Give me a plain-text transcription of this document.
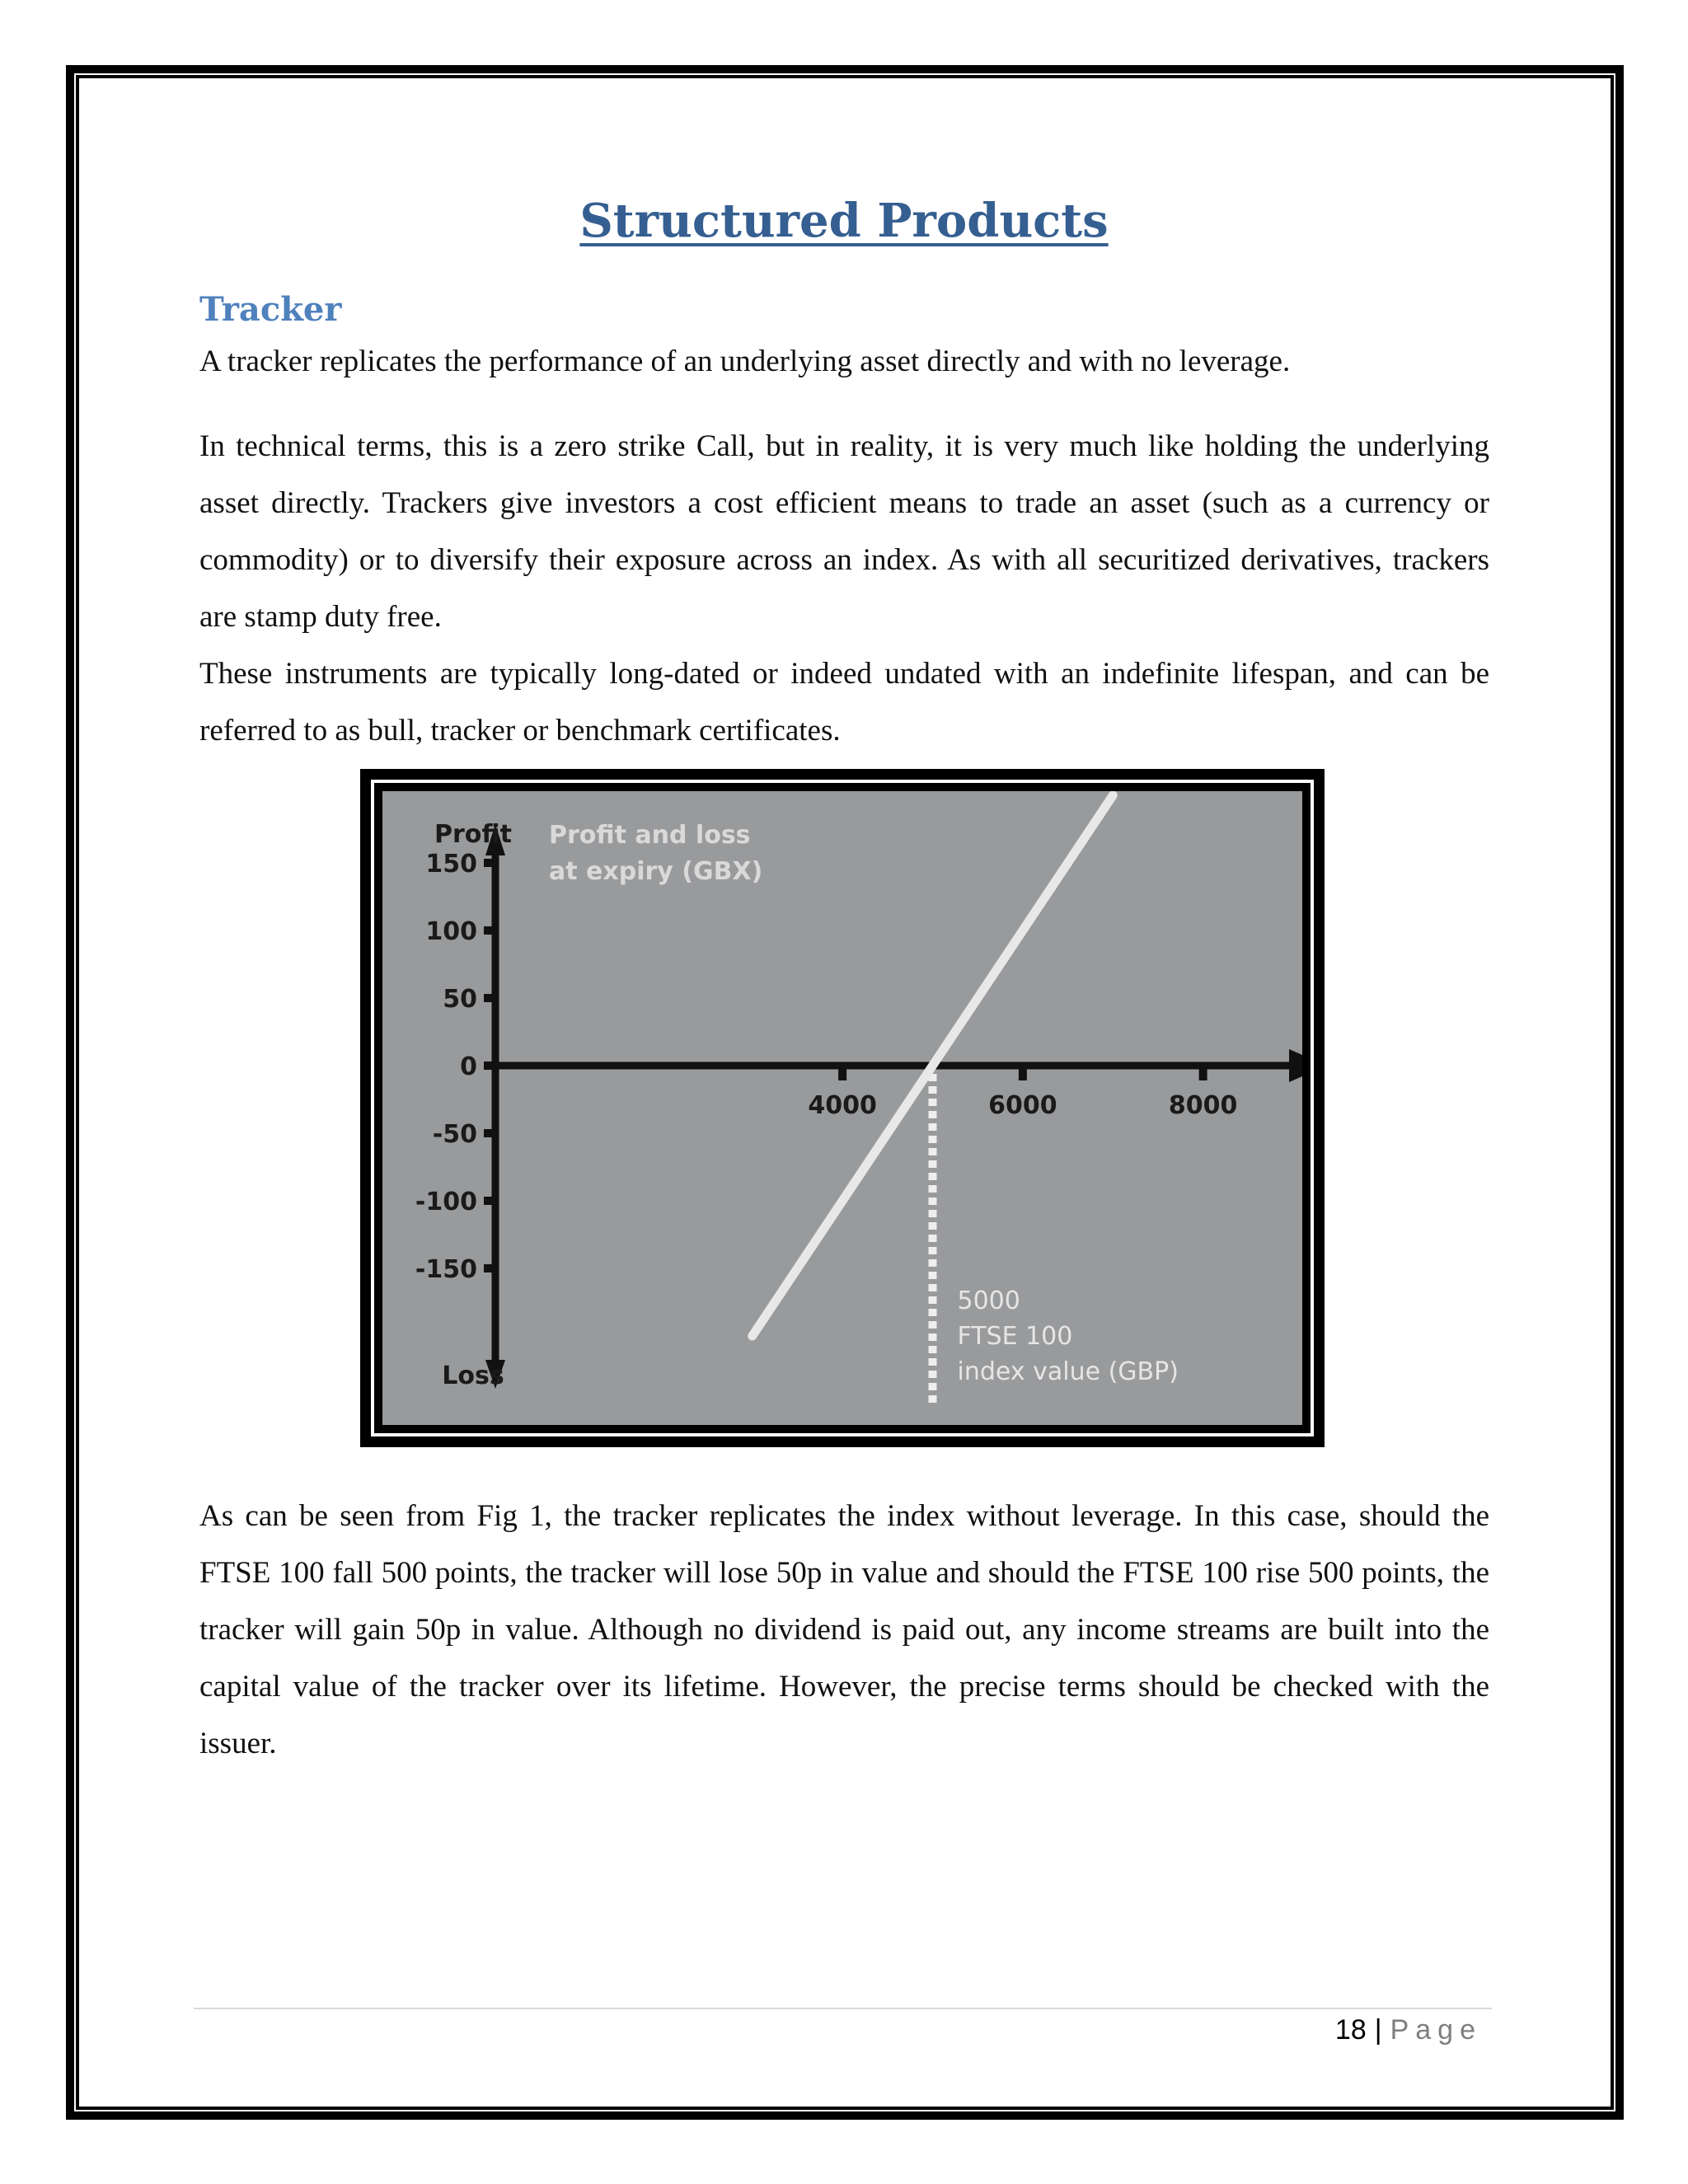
Structured Products
Tracker

A tracker replicates the performance of an underlying asset directly and with no leverage.

In technical terms, this is a zero strike Call, but in reality, it is very much like holding the underlying asset directly. Trackers give investors a cost efficient means to trade an asset (such as a currency or commodity) or to diversify their exposure across an index. As with all securitized derivatives, trackers are stamp duty free.

These instruments are typically long-dated or indeed undated with an indefinite lifespan, and can be referred to as bull, tracker or benchmark certificates.

150
100
50
0
-50
-100
-150
4000	6000	8000
Profit
Loss
Profit and loss
at expiry (GBX)
5000
FTSE 100
index value (GBP)

As can be seen from Fig 1, the tracker replicates the index without leverage. In this case, should the FTSE 100 fall 500 points, the tracker will lose 50p in value and should the FTSE 100 rise 500 points, the tracker will gain 50p in value. Although no dividend is paid out, any income streams are built into the capital value of the tracker over its lifetime. However, the precise terms should be checked with the issuer.

18 | Page
